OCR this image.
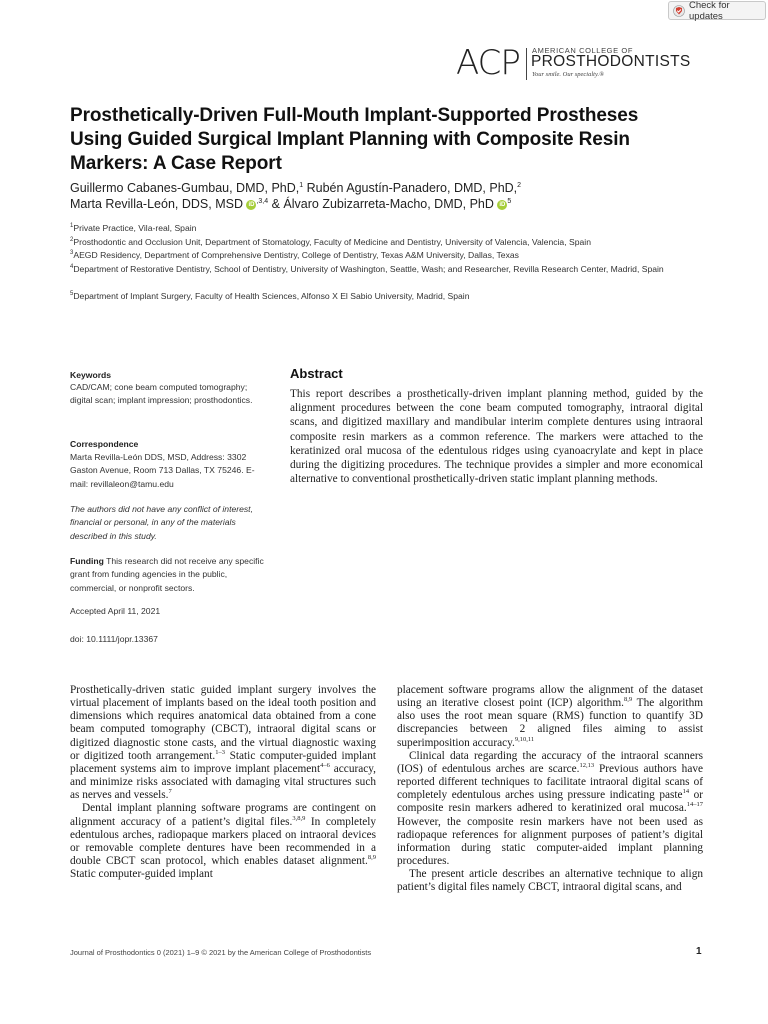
Check for updates
ACP AMERICAN COLLEGE OF
PROSTHODONTISTS
Your smile. Our specialty.®
Prosthetically-Driven Full-Mouth Implant-Supported Prostheses Using Guided Surgical Implant Planning with Composite Resin Markers: A Case Report
Guillermo Cabanes-Gumbau, DMD, PhD,$^1$ Rubén Agustín-Panadero, DMD, PhD,$^2$
Marta Revilla-León, DDS, MSD iD $^{,3,4}$ & Álvaro Zubizarreta-Macho, DMD, PhD iD $^5$
$^1$Private Practice, Vila-real, Spain
$^2$Prosthodontic and Occlusion Unit, Department of Stomatology, Faculty of Medicine and Dentistry, University of Valencia, Valencia, Spain
$^3$AEGD Residency, Department of Comprehensive Dentistry, College of Dentistry, Texas A&M University, Dallas, Texas
$^4$Department of Restorative Dentistry, School of Dentistry, University of Washington, Seattle, Wash; and Researcher, Revilla Research Center, Madrid, Spain
$^5$Department of Implant Surgery, Faculty of Health Sciences, Alfonso X El Sabio University, Madrid, Spain
Keywords
CAD/CAM; cone beam computed tomography; digital scan; implant impression; prosthodontics.
Correspondence
Marta Revilla-León DDS, MSD, Address: 3302 Gaston Avenue, Room 713 Dallas, TX 75246. E-mail: revillaleon@tamu.edu
The authors did not have any conflict of interest, financial or personal, in any of the materials described in this study.
Funding This research did not receive any specific grant from funding agencies in the public, commercial, or nonprofit sectors.
Accepted April 11, 2021
doi: 10.1111/jopr.13367
Abstract
This report describes a prosthetically-driven implant planning method, guided by the alignment procedures between the cone beam computed tomography, intraoral digital scans, and digitized maxillary and mandibular interim complete dentures using intraoral composite resin markers as a common reference. The markers were attached to the keratinized oral mucosa of the edentulous ridges using cyanoacrylate and kept in place during the digitizing procedures. The technique provides a simpler and more economical alternative to conventional prosthetically-driven static implant planning methods.

Prosthetically-driven static guided implant surgery involves the virtual placement of implants based on the ideal tooth position and dimensions which requires anatomical data obtained from a cone beam computed tomography (CBCT), intraoral digital scans or digitized diagnostic stone casts, and the virtual diagnostic waxing or digitized tooth arrangement.$^{1-3}$ Static computer-guided implant placement systems aim to improve implant placement$^{4-6}$ accuracy, and minimize risks associated with damaging vital structures such as nerves and vessels.$^7$

Dental implant planning software programs are contingent on alignment accuracy of a patient’s digital files.$^{3,8,9}$ In completely edentulous arches, radiopaque markers placed on intraoral devices or removable complete dentures have been recommended in a double CBCT scan protocol, which enables dataset alignment.$^{8,9}$ Static computer-guided implant

placement software programs allow the alignment of the dataset using an iterative closest point (ICP) algorithm.$^{8,9}$ The algorithm also uses the root mean square (RMS) function to quantify 3D discrepancies between 2 aligned files aiming to assist superimposition accuracy.$^{9,10,11}$

Clinical data regarding the accuracy of the intraoral scanners (IOS) of edentulous arches are scarce.$^{12,13}$ Previous authors have reported different techniques to facilitate intraoral digital scans of completely edentulous arches using pressure indicating paste$^{14}$ or composite resin markers adhered to keratinized oral mucosa.$^{14-17}$ However, the composite resin markers have not been used as radiopaque references for alignment purposes of patient’s digital information during static computer-aided implant planning procedures.

The present article describes an alternative technique to align patient’s digital files namely CBCT, intraoral digital scans, and

Journal of Prosthodontics 0 (2021) 1–9 © 2021 by the American College of Prosthodontists	1
